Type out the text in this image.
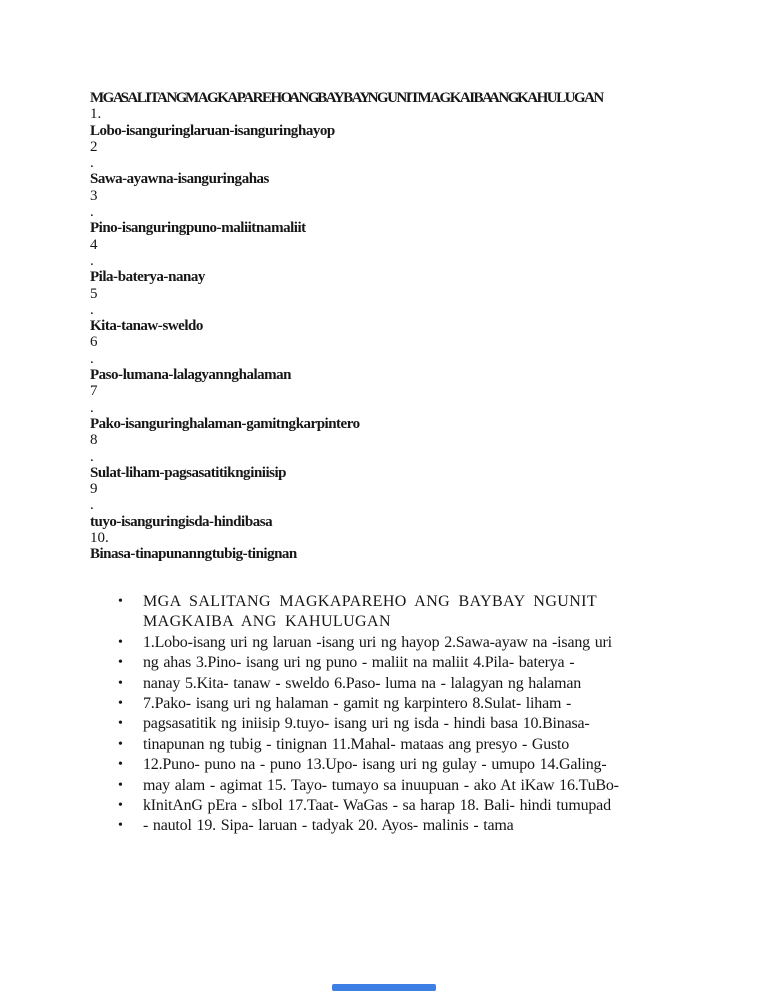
MGA SALITANG MAGKAPAREHO ANG BAYBAY NGUNIT MAGKAIBA ANG KAHULUGAN
1.
Lobo-isang uri ng laruan-isang uri ng hayop
2
.
Sawa-ayaw na-isang uri ng ahas
3
.
Pino- isang uri ng puno- maliit na maliit
4
.
Pila- baterya- nanay
5
.
Kita- tanaw- sweldo
6
.
Paso- luma na- lalagyan ng halaman
7
.
Pako-isang uri ng halaman- gamit ng karpintero
8
.
Sulat-liham- pagsasatitik ng iniisip
9
.
tuyo- isang uri ng isda- hindi basa
10.
Binasa- tinapunan ng tubig- tinignan
•	MGA SALITANG MAGKAPAREHO ANG BAYBAY NGUNIT
MAGKAIBA ANG KAHULUGAN
•	1.Lobo-isang uri ng laruan -isang uri ng hayop 2.Sawa-ayaw na -isang uri
•	ng ahas 3.Pino- isang uri ng puno - maliit na maliit 4.Pila- baterya -
•	nanay 5.Kita- tanaw - sweldo 6.Paso- luma na - lalagyan ng halaman
•	7.Pako- isang uri ng halaman - gamit ng karpintero 8.Sulat- liham -
•	pagsasatitik ng iniisip 9.tuyo- isang uri ng isda - hindi basa 10.Binasa-
•	tinapunan ng tubig - tinignan 11.Mahal- mataas ang presyo - Gusto
•	12.Puno- puno na - puno 13.Upo- isang uri ng gulay - umupo 14.Galing-
•	may alam - agimat 15. Tayo- tumayo sa inuupuan - ako At iKaw 16.TuBo-
•	kInitAnG pEra - sIbol 17.Taat- WaGas - sa harap 18. Bali- hindi tumupad
•	- nautol 19. Sipa- laruan - tadyak 20. Ayos- malinis - tama
